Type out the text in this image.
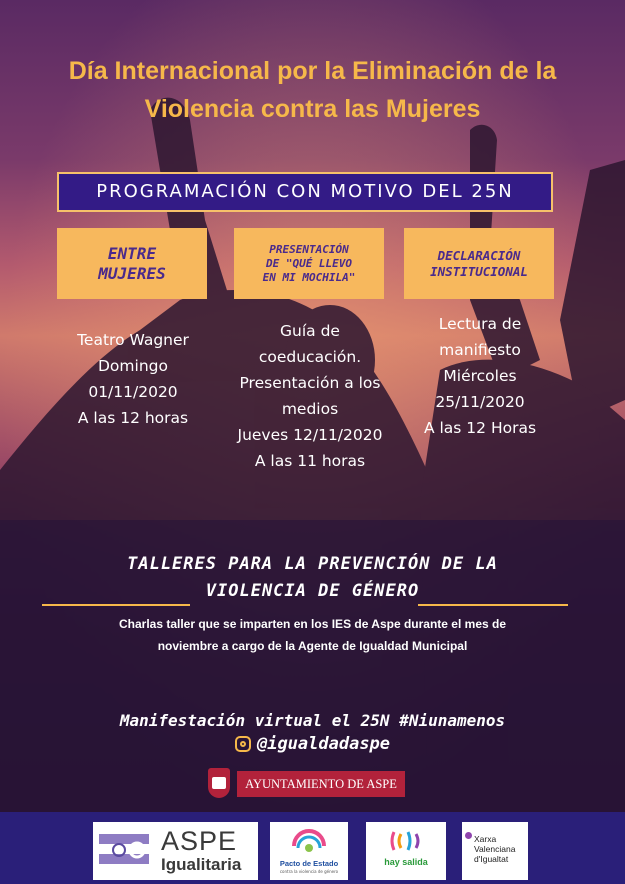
Día Internacional por la Eliminación de la
Violencia contra las Mujeres
PROGRAMACIÓN CON MOTIVO DEL 25N
ENTRE
MUJERES
PRESENTACIÓN
DE "QUÉ LLEVO
EN MI MOCHILA"
DECLARACIÓN
INSTITUCIONAL
Teatro Wagner
Domingo
01/11/2020
A las 12 horas
Guía de
coeducación.
Presentación a los
medios
Jueves 12/11/2020
A las 11 horas
Lectura de
manifiesto
Miércoles
25/11/2020
A las 12 Horas
TALLERES PARA LA PREVENCIÓN DE LA
VIOLENCIA DE GÉNERO
Charlas taller que se imparten en los IES de Aspe durante el mes de
noviembre a cargo de la Agente de Igualdad Municipal
Manifestación virtual el 25N #Niunamenos
@igualdadaspe
AYUNTAMIENTO DE ASPE
ASPE
Igualitaria	Pacto de Estado
contra la violencia de género
hay salida
Xarxa
Valenciana
d'Igualtat
